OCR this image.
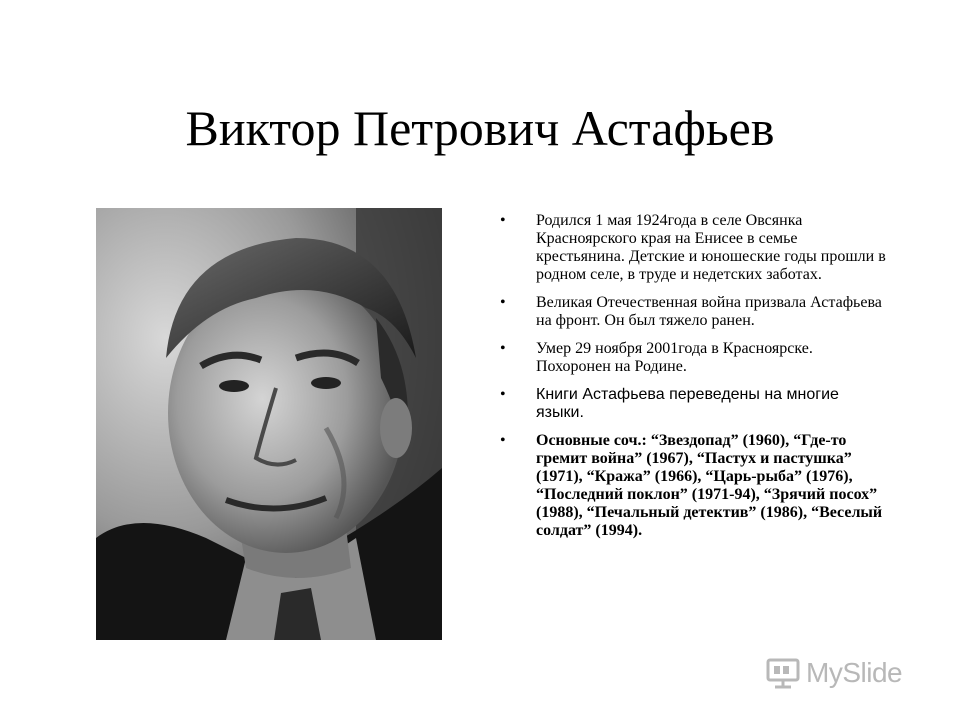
Виктор Петрович Астафьев
• Родился 1 мая 1924года в селе Овсянка Красноярского края на Енисее в семье крестьянина. Детские и юношеские годы прошли в родном селе, в труде и недетских заботах.
• Великая Отечественная война призвала Астафьева на фронт. Он был тяжело ранен.
• Умер 29 ноября 2001года в Красноярске. Похоронен на Родине.
• Книги Астафьева переведены на многие языки.
• Основные соч.: “Звездопад” (1960), “Где-то гремит война” (1967), “Пастух и пастушка” (1971), “Кража” (1966), “Царь-рыба” (1976), “Последний поклон” (1971-94), “Зрячий посох” (1988), “Печальный детектив” (1986), “Веселый солдат” (1994).
MySlide
